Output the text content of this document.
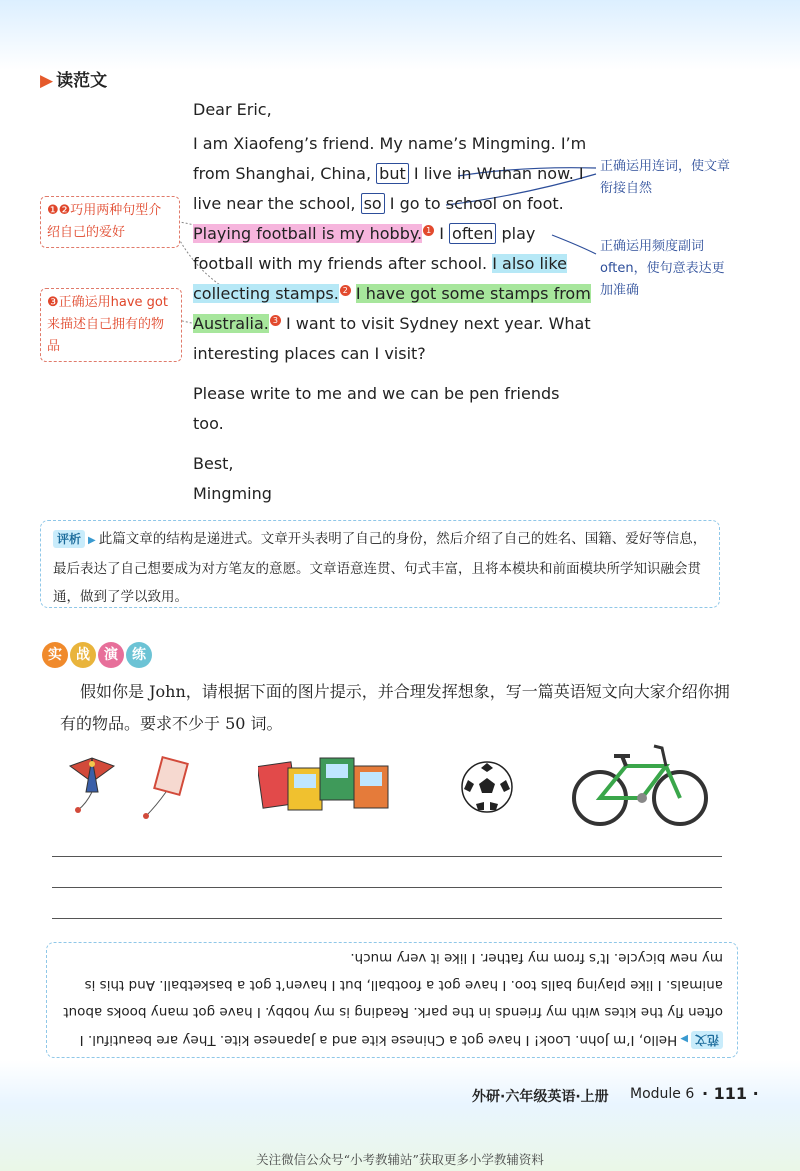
▶ 读范文
Dear Eric,
I am Xiaofeng’s friend. My name’s Mingming. I’m from Shanghai, China, but I live in Wuhan now. I live near the school, so I go to school on foot. Playing football is my hobby. 1 I often play football with my friends after school. I also like collecting stamps. 2 I have got some stamps from Australia. 3 I want to visit Sydney next year. What interesting places can I visit?
Please write to me and we can be pen friends too.
Best,
Mingming
❶❷巧用两种句型介绍自己的爱好
❸正确运用have got来描述自己拥有的物品
正确运用连词，使文章衔接自然
正确运用频度副词 often，使句意表达更加准确
评析 ▶ 此篇文章的结构是递进式。文章开头表明了自己的身份，然后介绍了自己的姓名、国籍、爱好等信息，最后表达了自己想要成为对方笔友的意愿。文章语意连贯、句式丰富，且将本模块和前面模块所学知识融会贯通，做到了学以致用。
实	战	演	练
假如你是 John，请根据下面的图片提示，并合理发挥想象，写一篇英语短文向大家介绍你拥有的物品。要求不少于 50 词。
范文▶Hello, I’m John. Look! I have got a Chinese kite and a Japanese kite. They are beautiful. I often fly the kites with my friends in the park. Reading is my hobby. I have got many books about animals. I like playing balls too. I have got a football, but I haven’t got a basketball. And this is my new bicycle. It’s from my father. I like it very much.
外研·六年级英语·上册 Module 6 · 111 ·
关注微信公众号“小考教辅站”获取更多小学教辅资料
